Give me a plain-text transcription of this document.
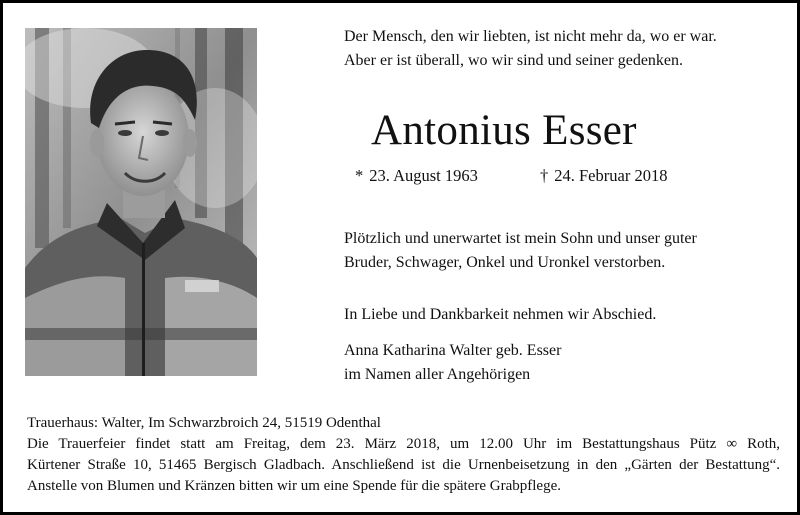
Der Mensch, den wir liebten, ist nicht mehr da, wo er war.
Aber er ist überall, wo wir sind und seiner gedenken.
Antonius Esser
* 23. August 1963	† 24. Februar 2018
Plötzlich und unerwartet ist mein Sohn und unser guter
Bruder, Schwager, Onkel und Uronkel verstorben.
In Liebe und Dankbarkeit nehmen wir Abschied.
Anna Katharina Walter geb. Esser
im Namen aller Angehörigen
Trauerhaus: Walter, Im Schwarzbroich 24, 51519 Odenthal
Die Trauerfeier findet statt am Freitag, dem 23. März 2018, um 12.00 Uhr im Bestattungshaus Pütz ∞ Roth,
Kürtener Straße 10, 51465 Bergisch Gladbach. Anschließend ist die Urnenbeisetzung in den „Gärten der Bestattung“.
Anstelle von Blumen und Kränzen bitten wir um eine Spende für die spätere Grabpflege.
